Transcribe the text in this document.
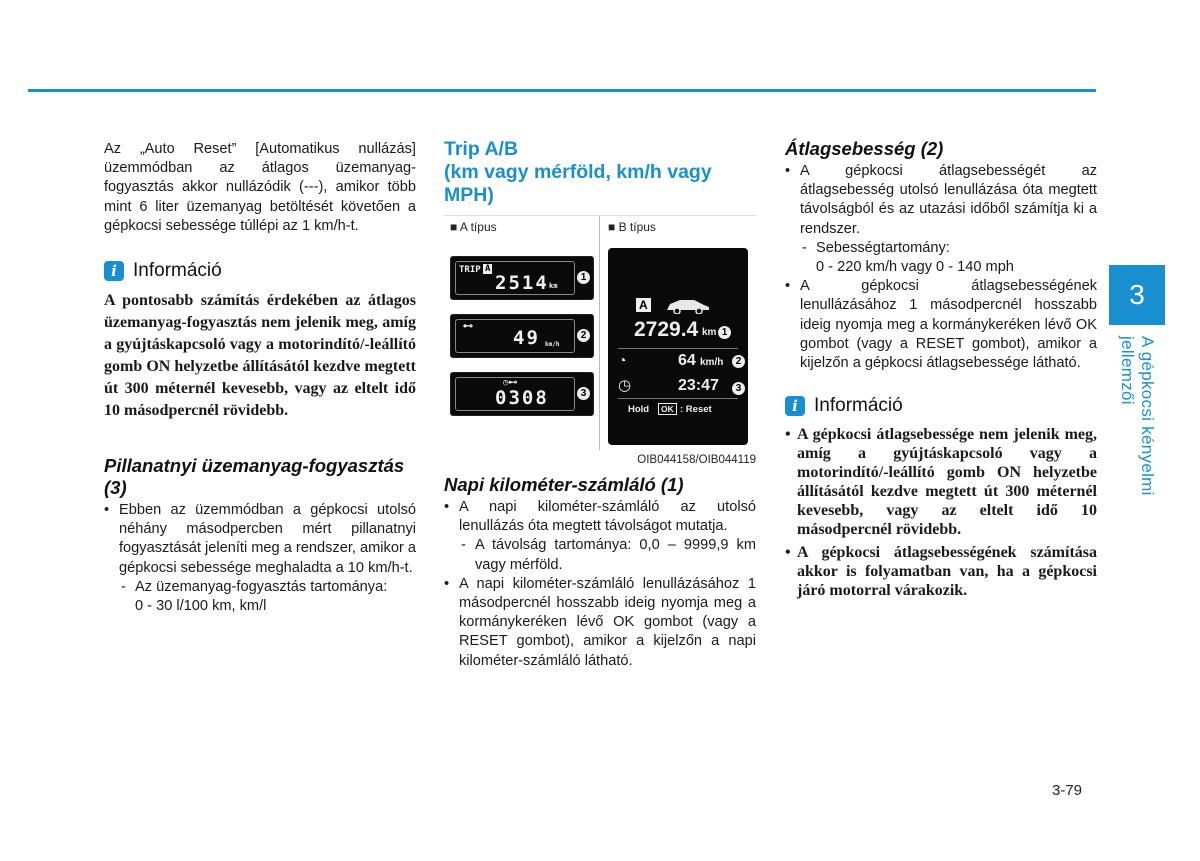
Az „Auto Reset” [Automatikus nullázás] üzemmódban az átlagos üzemanyag-fogyasztás akkor nullázódik (---), amikor több mint 6 liter üzemanyag betöltését követően a gépkocsi sebessége túllépi az 1 km/h-t.

i Információ

A pontosabb számítás érdekében az átlagos üzemanyag-fogyasztás nem jelenik meg, amíg a gyújtáskapcsoló vagy a motorindító/-leállító gomb ON helyzetbe állításától kezdve megtett út 300 méternél kevesebb, vagy az eltelt idő 10 másodpercnél rövidebb.

Pillanatnyi üzemanyag-fogyasztás (3)
• Ebben az üzemmódban a gépkocsi utolsó néhány másodpercben mért pillanatnyi fogyasztását jeleníti meg a rendszer, amikor a gépkocsi sebessége meghaladta a 10 km/h-t.
- Az üzemanyag-fogyasztás tartománya:
0 - 30 l/100 km, km/l
Trip A/B
(km vagy mérföld, km/h vagy MPH)
■ A típus	■ B típus
TRIP A
2514 km
1
⊷
49 km/h
2
◷⊷
0308	3
A
2729.4 km 1
◔	64 km/h	2
◷	23:47	3
Hold	OK : Reset
OIB044158/OIB044119
Napi kilométer-számláló (1)
• A napi kilométer-számláló az utolsó lenullázás óta megtett távolságot mutatja.
- A távolság tartománya: 0,0 – 9999,9 km vagy mérföld.
• A napi kilométer-számláló lenullázásához 1 másodpercnél hosszabb ideig nyomja meg a kormánykeréken lévő OK gombot (vagy a RESET gombot), amikor a kijelzőn a napi kilométer-számláló látható.
Átlagsebesség (2)
• A gépkocsi átlagsebességét az átlagsebesség utolsó lenullázása óta megtett távolságból és az utazási időből számítja ki a rendszer.
- Sebességtartomány:
0 - 220 km/h vagy 0 - 140 mph
• A gépkocsi átlagsebességének lenullázásához 1 másodpercnél hosszabb ideig nyomja meg a kormánykeréken lévő OK gombot (vagy a RESET gombot), amikor a kijelzőn a gépkocsi átlagsebessége látható.
i Információ
• A gépkocsi átlagsebessége nem jelenik meg, amíg a gyújtáskapcsoló vagy a motorindító/-leállító gomb ON helyzetbe állításától kezdve megtett út 300 méternél kevesebb, vagy az eltelt idő 10 másodpercnél rövidebb.
• A gépkocsi átlagsebességének számítása akkor is folyamatban van, ha a gépkocsi járó motorral várakozik.
3
A gépkocsi kényelmi jellemzői
3-79
